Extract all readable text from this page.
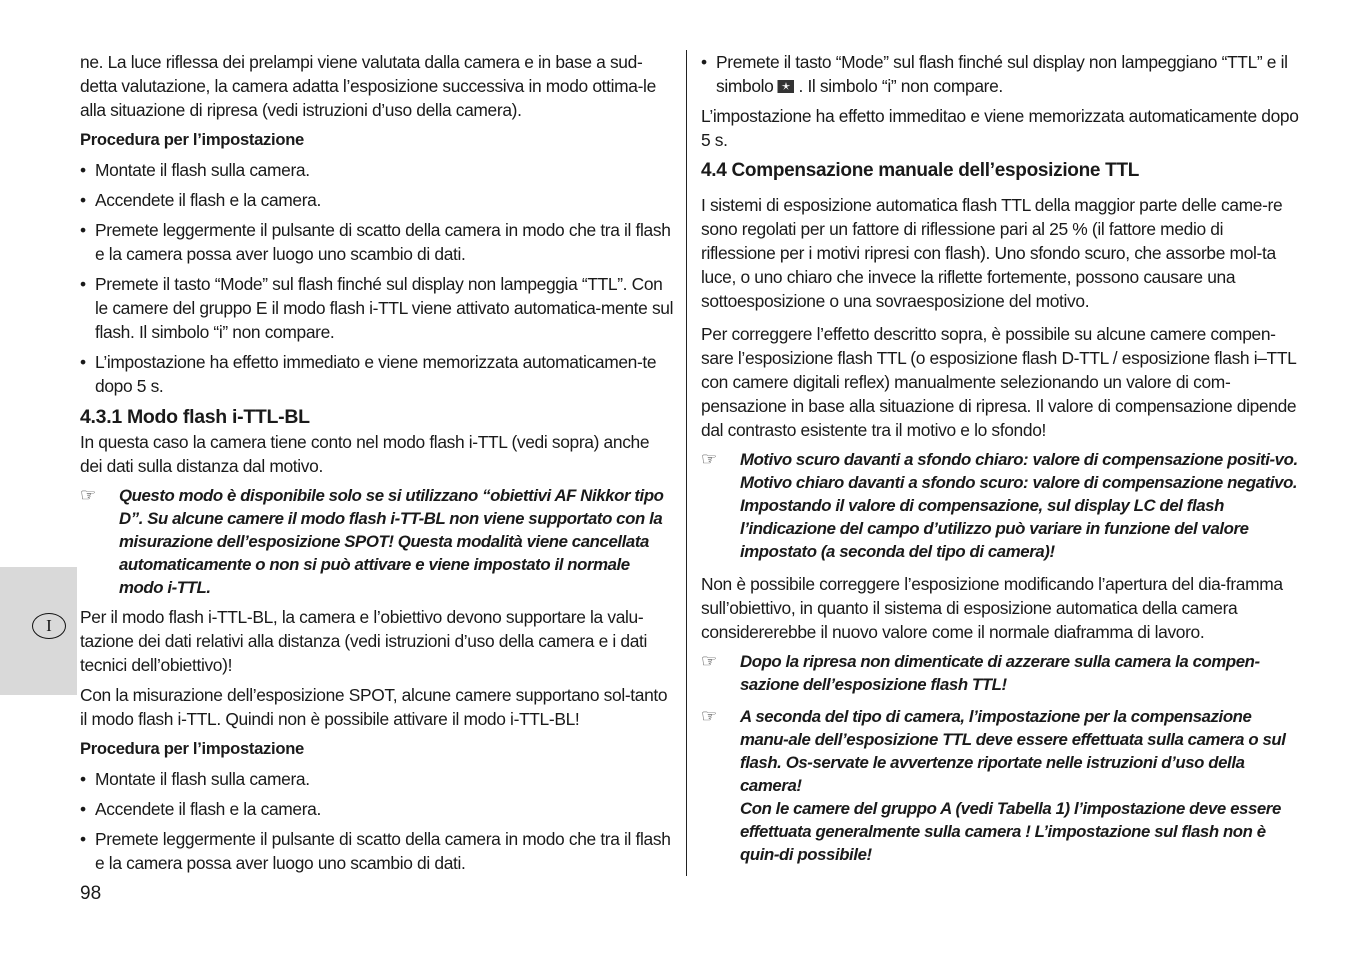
I

ne. La luce riflessa dei prelampi viene valutata dalla camera e in base a sud-detta valutazione, la camera adatta l’esposizione successiva in modo ottima-le alla situazione di ripresa (vedi istruzioni d’uso della camera).

Procedura per l’impostazione

• Montate il flash sulla camera.

• Accendete il flash e la camera.

• Premete leggermente il pulsante di scatto della camera in modo che tra il flash e la camera possa aver luogo uno scambio di dati.

• Premete il tasto “Mode” sul flash finché sul display non lampeggia “TTL”. Con le camere del gruppo E il modo flash i-TTL viene attivato automatica-mente sul flash. Il simbolo “i” non compare.

• L’impostazione ha effetto immediato e viene memorizzata automaticamen-te dopo 5 s.

4.3.1 Modo flash i-TTL-BL

In questa caso la camera tiene conto nel modo flash i-TTL (vedi sopra) anche dei dati sulla distanza dal motivo.

☞ Questo modo è disponibile solo se si utilizzano “obiettivi AF Nikkor tipo D”. Su alcune camere il modo flash i-TT-BL non viene supportato con la misurazione dell’esposizione SPOT! Questa modalità viene cancellata automaticamente o non si può attivare e viene impostato il normale modo i-TTL.

Per il modo flash i-TTL-BL, la camera e l’obiettivo devono supportare la valu-tazione dei dati relativi alla distanza (vedi istruzioni d’uso della camera e i dati tecnici dell’obiettivo)!

Con la misurazione dell’esposizione SPOT, alcune camere supportano sol-tanto il modo flash i-TTL. Quindi non è possibile attivare il modo i-TTL-BL!

Procedura per l’impostazione

• Montate il flash sulla camera.

• Accendete il flash e la camera.

• Premete leggermente il pulsante di scatto della camera in modo che tra il flash e la camera possa aver luogo uno scambio di dati.

• Premete il tasto “Mode” sul flash finché sul display non lampeggiano “TTL” e il simbolo . Il simbolo “i” non compare.

L’impostazione ha effetto immeditao e viene memorizzata automaticamente dopo 5 s.

4.4 Compensazione manuale dell’esposizione TTL

I sistemi di esposizione automatica flash TTL della maggior parte delle came-re sono regolati per un fattore di riflessione pari al 25 % (il fattore medio di riflessione per i motivi ripresi con flash). Uno sfondo scuro, che assorbe mol-ta luce, o uno chiaro che invece la riflette fortemente, possono causare una sottoesposizione o una sovraesposizione del motivo.

Per correggere l’effetto descritto sopra, è possibile su alcune camere compen-sare l’esposizione flash TTL (o esposizione flash D-TTL / esposizione flash i–TTL con camere digitali reflex) manualmente selezionando un valore di com-pensazione in base alla situazione di ripresa. Il valore di compensazione dipende dal contrasto esistente tra il motivo e lo sfondo!

☞ Motivo scuro davanti a sfondo chiaro: valore di compensazione positi-vo. Motivo chiaro davanti a sfondo scuro: valore di compensazione negativo. Impostando il valore di compensazione, sul display LC del flash l’indicazione del campo d’utilizzo può variare in funzione del valore impostato (a seconda del tipo di camera)!

Non è possibile correggere l’esposizione modificando l’apertura del dia-framma sull’obiettivo, in quanto il sistema di esposizione automatica della camera considererebbe il nuovo valore come il normale diaframma di lavoro.

☞ Dopo la ripresa non dimenticate di azzerare sulla camera la compen-sazione dell’esposizione flash TTL!
☞ A seconda del tipo di camera, l’impostazione per la compensazione manu-ale dell’esposizione TTL deve essere effettuata sulla camera o sul flash. Os-servate le avvertenze riportate nelle istruzioni d’uso della camera!
Con le camere del gruppo A (vedi Tabella 1) l’impostazione deve essere effettuata generalmente sulla camera ! L’impostazione sul flash non è quin-di possibile!
98
